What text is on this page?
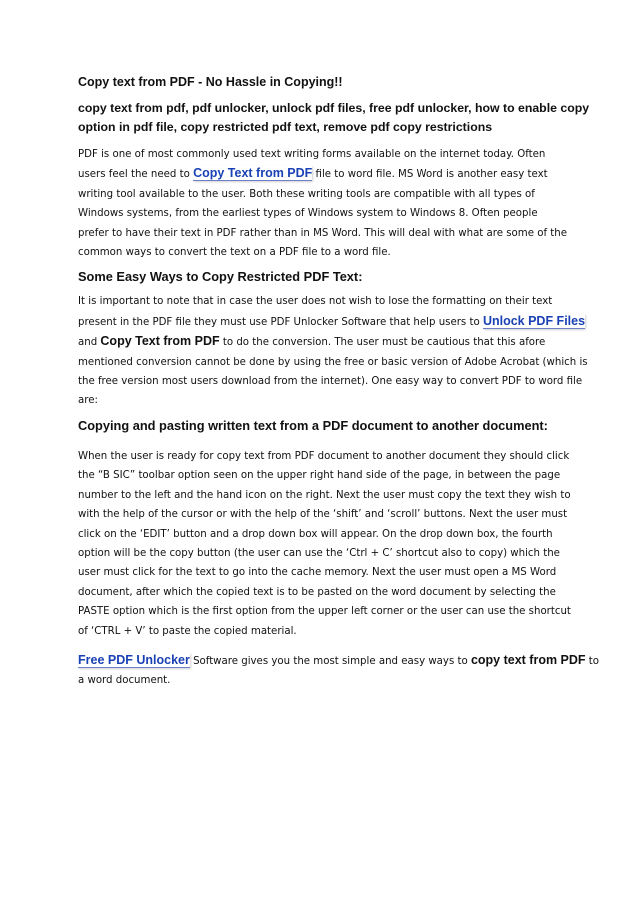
Copy text from PDF - No Hassle in Copying!!

copy text from pdf, pdf unlocker, unlock pdf files, free pdf unlocker, how to enable copy option in pdf file, copy restricted pdf text, remove pdf copy restrictions

PDF is one of most commonly used text writing forms available on the internet today. Often users feel the need to Copy Text from PDF file to word file. MS Word is another easy text writing tool available to the user. Both these writing tools are compatible with all types of Windows systems, from the earliest types of Windows system to Windows 8. Often people prefer to have their text in PDF rather than in MS Word. This will deal with what are some of the common ways to convert the text on a PDF file to a word file.

Some Easy Ways to Copy Restricted PDF Text:

It is important to note that in case the user does not wish to lose the formatting on their text present in the PDF file they must use PDF Unlocker Software that help users to Unlock PDF Files and Copy Text from PDF to do the conversion. The user must be cautious that this afore mentioned conversion cannot be done by using the free or basic version of Adobe Acrobat (which is the free version most users download from the internet). One easy way to convert PDF to word file are:

Copying and pasting written text from a PDF document to another document:

When the user is ready for copy text from PDF document to another document they should click the “B SIC” toolbar option seen on the upper right hand side of the page, in between the page number to the left and the hand icon on the right. Next the user must copy the text they wish to with the help of the cursor or with the help of the ‘shift’ and ‘scroll’ buttons. Next the user must click on the ‘EDIT’ button and a drop down box will appear. On the drop down box, the fourth option will be the copy button (the user can use the ‘Ctrl + C’ shortcut also to copy) which the user must click for the text to go into the cache memory. Next the user must open a MS Word document, after which the copied text is to be pasted on the word document by selecting the PASTE option which is the first option from the upper left corner or the user can use the shortcut of ‘CTRL + V’ to paste the copied material.

Free PDF Unlocker Software gives you the most simple and easy ways to copy text from PDF to a word document.
